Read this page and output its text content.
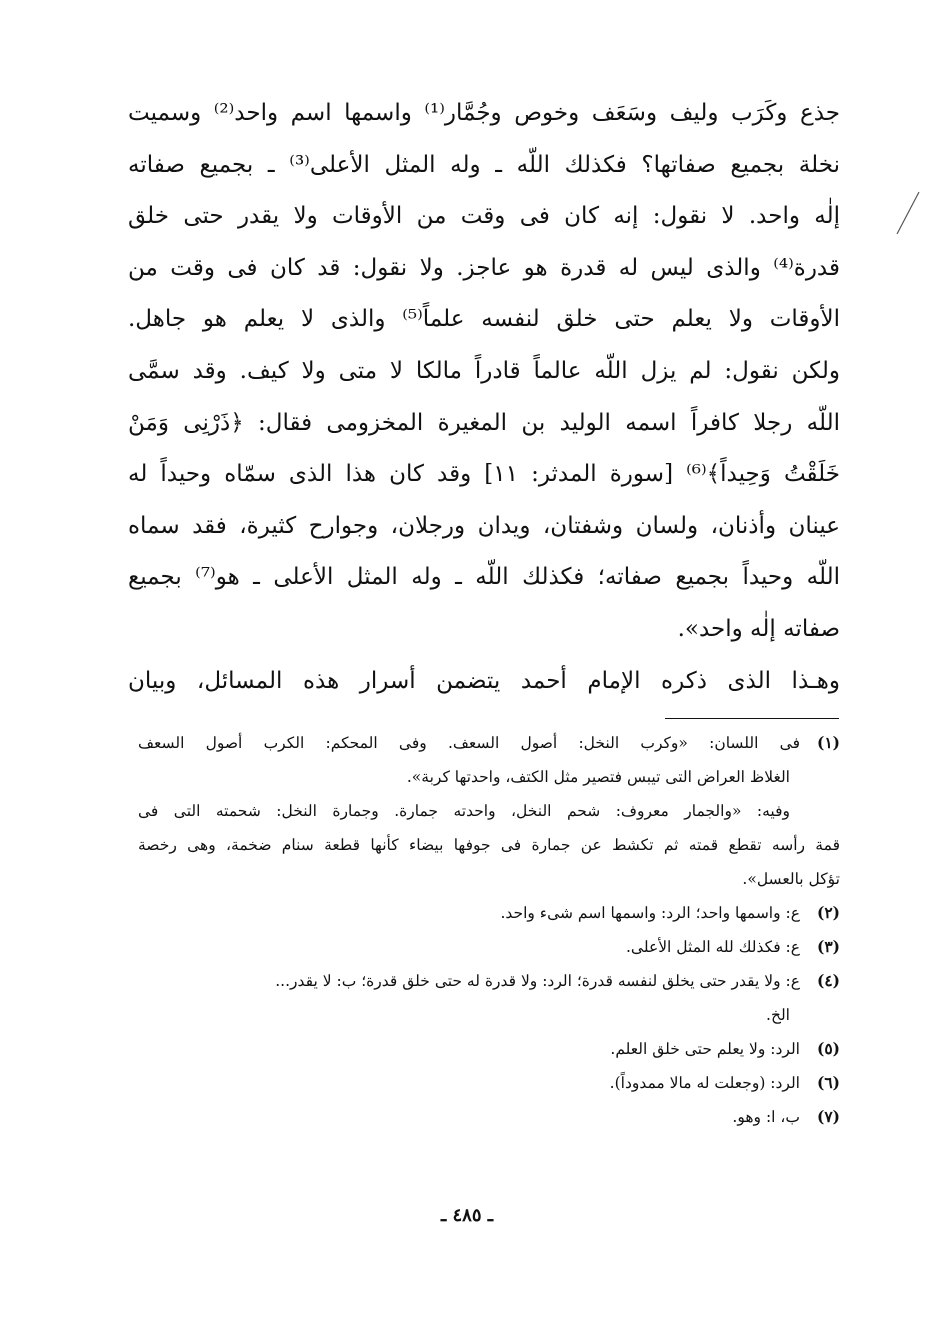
جذع وكَرَب وليف وسَعَف وخوص وجُمَّار⁽¹⁾ واسمها اسم واحد⁽²⁾ وسميت
نخلة بجميع صفاتها؟ فكذلك اللّه ـ وله المثل الأعلى⁽³⁾ ـ بجميع صفاته
إلٰه واحد. لا نقول: إنه كان فى وقت من الأوقات ولا يقدر حتى خلق
قدرة⁽⁴⁾ والذى ليس له قدرة هو عاجز. ولا نقول: قد كان فى وقت من
الأوقات ولا يعلم حتى خلق لنفسه علماً⁽⁵⁾ والذى لا يعلم هو جاهل.
ولكن نقول: لم يزل اللّه عالماً قادراً مالكا لا متى ولا كيف. وقد سمَّى
اللّه رجلا كافراً اسمه الوليد بن المغيرة المخزومى فقال: ﴿ذَرْنِى وَمَنْ
خَلَقْتُ وَحِيداً﴾⁽⁶⁾ [سورة المدثر: ١١] وقد كان هذا الذى سمّاه وحيداً له
عينان وأذنان، ولسان وشفتان، ويدان ورجلان، وجوارح كثيرة، فقد سماه
اللّه وحيداً بجميع صفاته؛ فكذلك اللّه ـ وله المثل الأعلى ـ هو⁽⁷⁾ بجميع
صفاته إلٰه واحد».
وهـذا الذى ذكره الإمام أحمد يتضمن أسرار هذه المسائل، وبيان
(١)فى اللسان: «وكرب النخل: أصول السعف. وفى المحكم: الكرب أصول السعف
الغلاظ العراض التى تيبس فتصير مثل الكتف، واحدتها كربة».
وفيه: «والجمار معروف: شحم النخل، واحدته جمارة. وجمارة النخل: شحمته التى فى
قمة رأسه تقطع قمته ثم تكشط عن جمارة فى جوفها بيضاء كأنها قطعة سنام ضخمة، وهى رخصة
تؤكل بالعسل».
(٢)ع: واسمها واحد؛ الرد: واسمها اسم شىء واحد.
(٣)ع: فكذلك لله المثل الأعلى.
(٤)ع: ولا يقدر حتى يخلق لنفسه قدرة؛ الرد: ولا قدرة له حتى خلق قدرة؛ ب: لا يقدر...
الخ.
(٥)الرد: ولا يعلم حتى خلق العلم.
(٦)الرد: (وجعلت له مالا ممدوداً).
(٧)ب، ا: وهو.
ـ ٤٨٥ ـ
